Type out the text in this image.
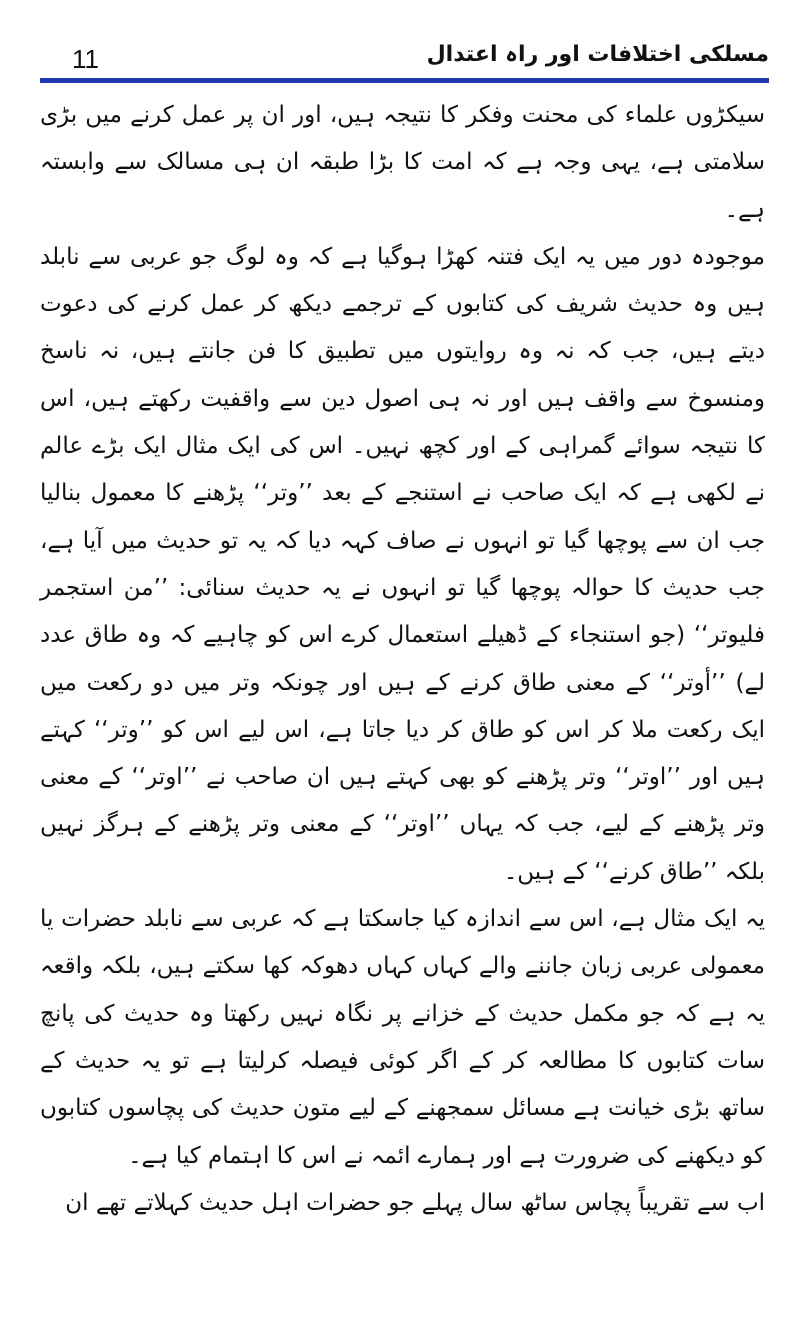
11	مسلکی اختلافات اور راہ اعتدال

سیکڑوں علماء کی محنت وفکر کا نتیجہ ہیں، اور ان پر عمل کرنے میں بڑی سلامتی ہے، یہی وجہ ہے کہ امت کا بڑا طبقہ ان ہی مسالک سے وابستہ ہے۔

موجودہ دور میں یہ ایک فتنہ کھڑا ہوگیا ہے کہ وہ لوگ جو عربی سے نابلد ہیں وہ حدیث شریف کی کتابوں کے ترجمے دیکھ کر عمل کرنے کی دعوت دیتے ہیں، جب کہ نہ وہ روایتوں میں تطبیق کا فن جانتے ہیں، نہ ناسخ ومنسوخ سے واقف ہیں اور نہ ہی اصول دین سے واقفیت رکھتے ہیں، اس کا نتیجہ سوائے گمراہی کے اور کچھ نہیں۔ اس کی ایک مثال ایک بڑے عالم نے لکھی ہے کہ ایک صاحب نے استنجے کے بعد ’’وتر‘‘ پڑھنے کا معمول بنالیا جب ان سے پوچھا گیا تو انہوں نے صاف کہہ دیا کہ یہ تو حدیث میں آیا ہے، جب حدیث کا حوالہ پوچھا گیا تو انہوں نے یہ حدیث سنائی: ’’من استجمر فلیوتر‘‘ (جو استنجاء کے ڈھیلے استعمال کرے اس کو چاہیے کہ وہ طاق عدد لے) ’’أوتر‘‘ کے معنی طاق کرنے کے ہیں اور چونکہ وتر میں دو رکعت میں ایک رکعت ملا کر اس کو طاق کر دیا جاتا ہے، اس لیے اس کو ’’وتر‘‘ کہتے ہیں اور ’’اوتر‘‘ وتر پڑھنے کو بھی کہتے ہیں ان صاحب نے ’’اوتر‘‘ کے معنی وتر پڑھنے کے لیے، جب کہ یہاں ’’اوتر‘‘ کے معنی وتر پڑھنے کے ہرگز نہیں بلکہ ’’طاق کرنے‘‘ کے ہیں۔

یہ ایک مثال ہے، اس سے اندازہ کیا جاسکتا ہے کہ عربی سے نابلد حضرات یا معمولی عربی زبان جاننے والے کہاں کہاں دھوکہ کھا سکتے ہیں، بلکہ واقعہ یہ ہے کہ جو مکمل حدیث کے خزانے پر نگاہ نہیں رکھتا وہ حدیث کی پانچ سات کتابوں کا مطالعہ کر کے اگر کوئی فیصلہ کرلیتا ہے تو یہ حدیث کے ساتھ بڑی خیانت ہے مسائل سمجھنے کے لیے متون حدیث کی پچاسوں کتابوں کو دیکھنے کی ضرورت ہے اور ہمارے ائمہ نے اس کا اہتمام کیا ہے۔

اب سے تقریباً پچاس ساٹھ سال پہلے جو حضرات اہل حدیث کہلاتے تھے ان
